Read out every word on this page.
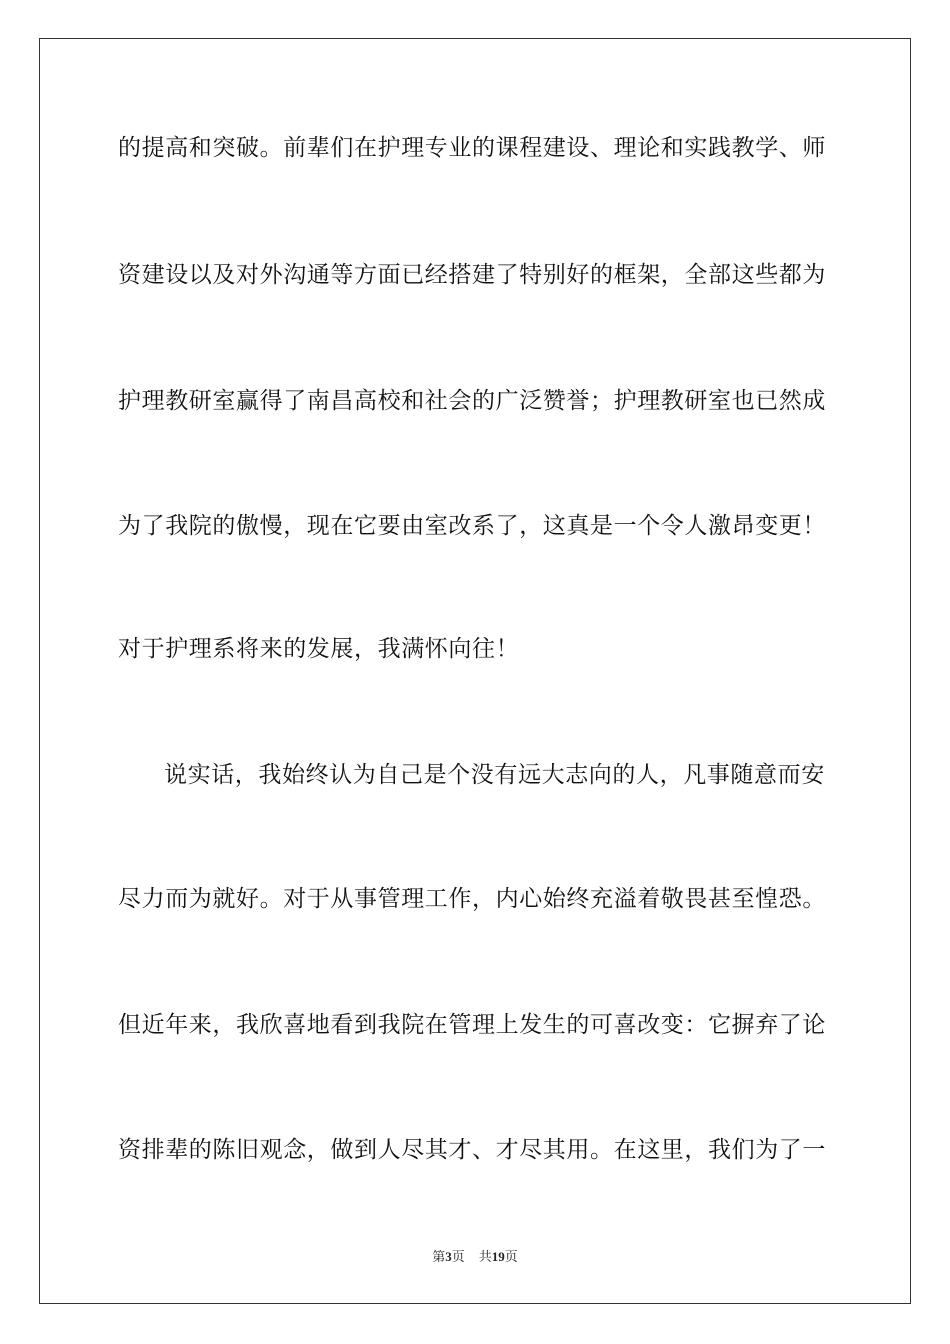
的提高和突破。前辈们在护理专业的课程建设、理论和实践教学、师
资建设以及对外沟通等方面已经搭建了特别好的框架，全部这些都为
护理教研室赢得了南昌高校和社会的广泛赞誉；护理教研室也已然成
为了我院的傲慢，现在它要由室改系了，这真是一个令人激昂变更！
对于护理系将来的发展，我满怀向往！
说实话，我始终认为自己是个没有远大志向的人，凡事随意而安
尽力而为就好。对于从事管理工作，内心始终充溢着敬畏甚至惶恐。
但近年来，我欣喜地看到我院在管理上发生的可喜改变：它摒弃了论
资排辈的陈旧观念，做到人尽其才、才尽其用。在这里，我们为了一
第3页 共19页
